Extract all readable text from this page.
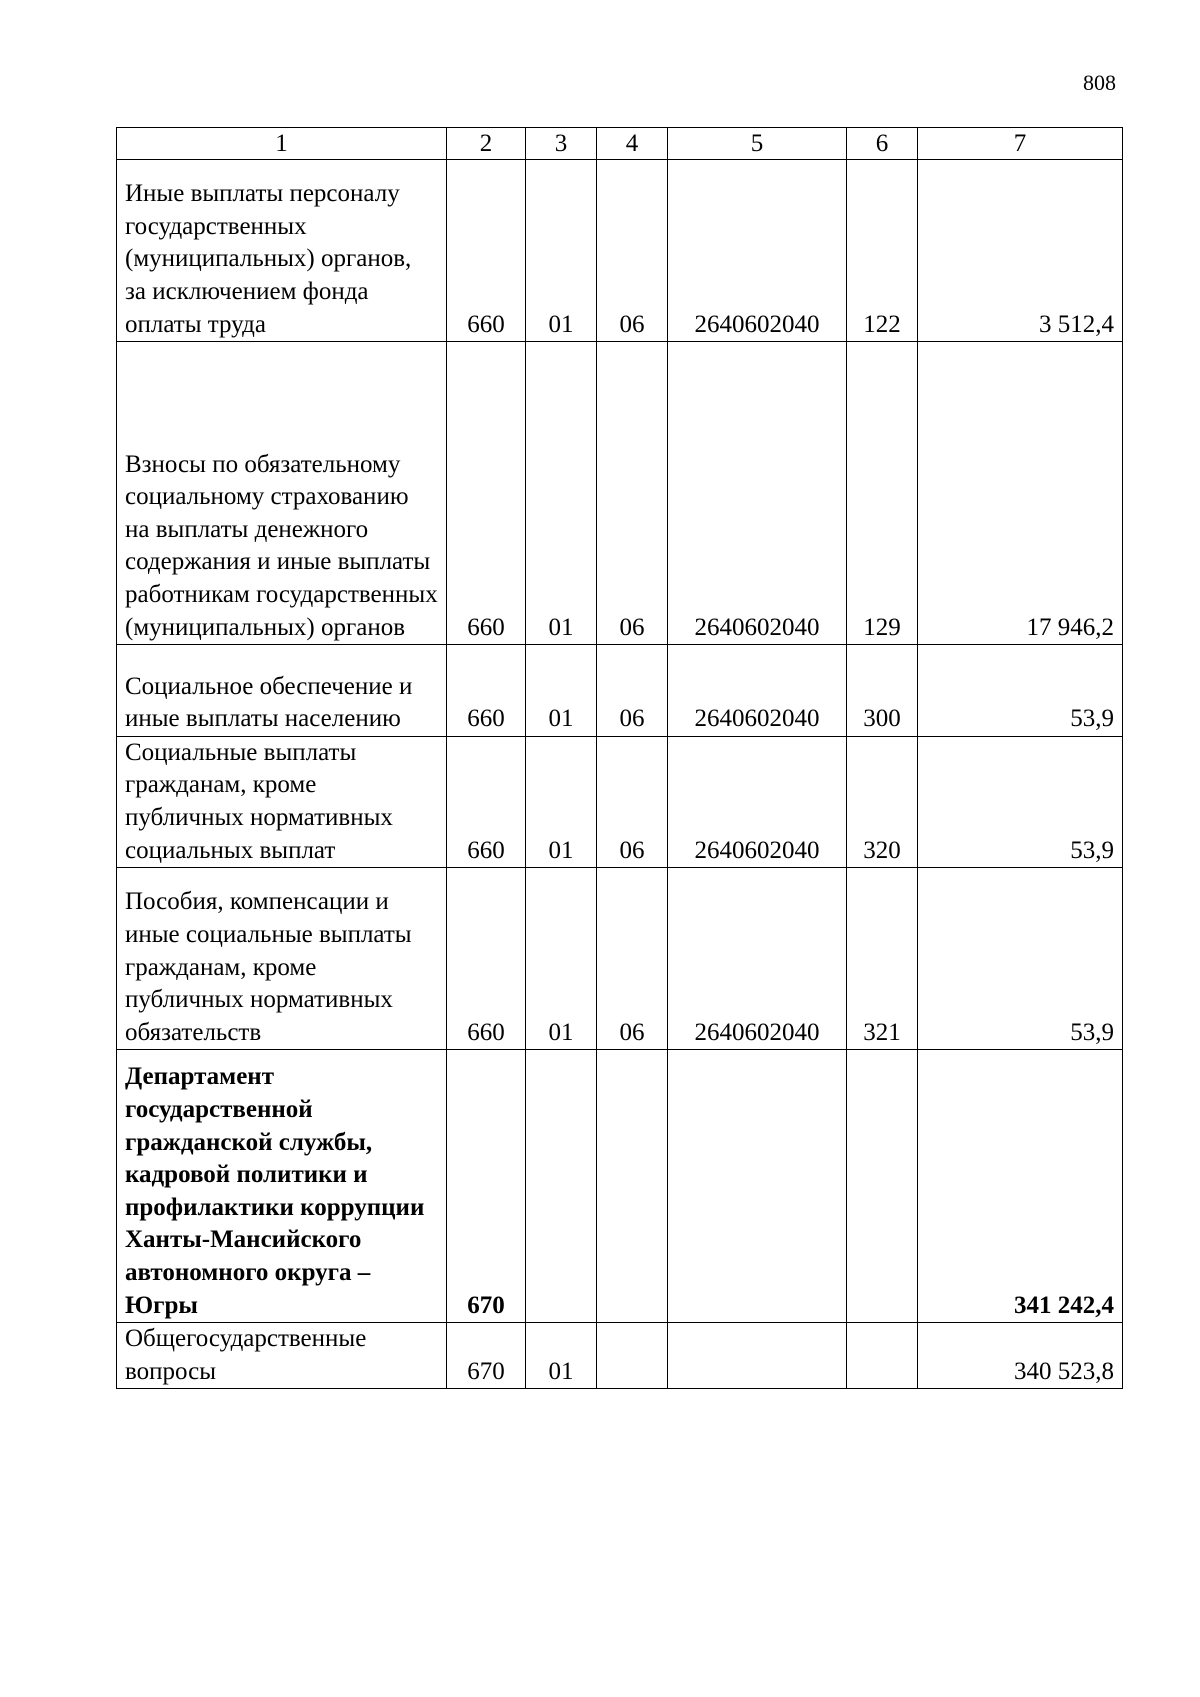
808
1	2	3	4	5	6	7
Иные выплаты персоналу государственных (муниципальных) органов, за исключением фонда оплаты труда	660	01	06	2640602040	122	3 512,4
Взносы по обязательному социальному страхованию на выплаты денежного содержания и иные выплаты работникам государственных (муниципальных) органов	660	01	06	2640602040	129	17 946,2
Социальное обеспечение и иные выплаты населению	660	01	06	2640602040	300	53,9
Социальные выплаты гражданам, кроме публичных нормативных социальных выплат	660	01	06	2640602040	320	53,9
Пособия, компенсации и иные социальные выплаты гражданам, кроме публичных нормативных обязательств	660	01	06	2640602040	321	53,9
Департамент государственной гражданской службы, кадровой политики и профилактики коррупции Ханты-Мансийского автономного округа – Югры	670					341 242,4
Общегосударственные вопросы	670	01				340 523,8
